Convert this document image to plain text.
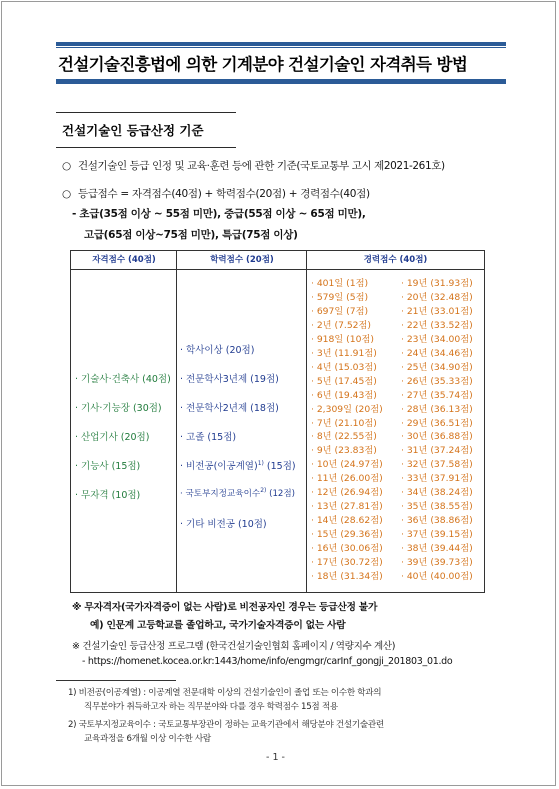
건설기술진흥법에 의한 기계분야 건설기술인 자격취득 방법
건설기술인 등급산정 기준
○ 건설기술인 등급 인정 및 교육·훈련 등에 관한 기준(국토교통부 고시 제2021-261호)
○ 등급점수 = 자격점수(40점) + 학력점수(20점) + 경력점수(40점)
- 초급(35점 이상 ~ 55점 미만), 중급(55점 이상 ~ 65점 미만),
고급(65점 이상~75점 미만), 특급(75점 이상)
자격점수 (40점)	학력점수 (20점)	경력점수 (40점)
· 기술사·건축사 (40점)
· 기사·기능장 (30점)
· 산업기사 (20점)
· 기능사 (15점)
· 무자격 (10점)
· 학사이상 (20점)
· 전문학사3년제 (19점)
· 전문학사2년제 (18점)
· 고졸 (15점)
· 비전공(이공계열)$^{1)}$ (15점)
· 국토부지정교육이수$^{2)}$ (12점)
· 기타 비전공 (10점)
· 401일 (1점)
· 579일 (5점)
· 697일 (7점)
· 2년 (7.52점)
· 918일 (10점)
· 3년 (11.91점)
· 4년 (15.03점)
· 5년 (17.45점)
· 6년 (19.43점)
· 2,309일 (20점)
· 7년 (21.10점)
· 8년 (22.55점)
· 9년 (23.83점)
· 10년 (24.97점)
· 11년 (26.00점)
· 12년 (26.94점)
· 13년 (27.81점)
· 14년 (28.62점)
· 15년 (29.36점)
· 16년 (30.06점)
· 17년 (30.72점)
· 18년 (31.34점)
· 19년 (31.93점)
· 20년 (32.48점)
· 21년 (33.01점)
· 22년 (33.52점)
· 23년 (34.00점)
· 24년 (34.46점)
· 25년 (34.90점)
· 26년 (35.33점)
· 27년 (35.74점)
· 28년 (36.13점)
· 29년 (36.51점)
· 30년 (36.88점)
· 31년 (37.24점)
· 32년 (37.58점)
· 33년 (37.91점)
· 34년 (38.24점)
· 35년 (38.55점)
· 36년 (38.86점)
· 37년 (39.15점)
· 38년 (39.44점)
· 39년 (39.73점)
· 40년 (40.00점)
※ 무자격자(국가자격증이 없는 사람)로 비전공자인 경우는 등급산정 불가
예) 인문계 고등학교를 졸업하고, 국가기술자격증이 없는 사람
※ 건설기술인 등급산정 프로그램 (한국건설기술인협회 홈페이지 / 역량지수 계산)
- https://homenet.kocea.or.kr:1443/home/info/engmgr/carInf_gongji_201803_01.do
1) 비전공(이공계열) : 이공계열 전문대학 이상의 건설기술인이 졸업 또는 이수한 학과의
직무분야가 취득하고자 하는 직무분야와 다를 경우 학력점수 15점 적용
2) 국토부지정교육이수 : 국토교통부장관이 정하는 교육기관에서 해당분야 건설기술관련
교육과정을 6개월 이상 이수한 사람
- 1 -
